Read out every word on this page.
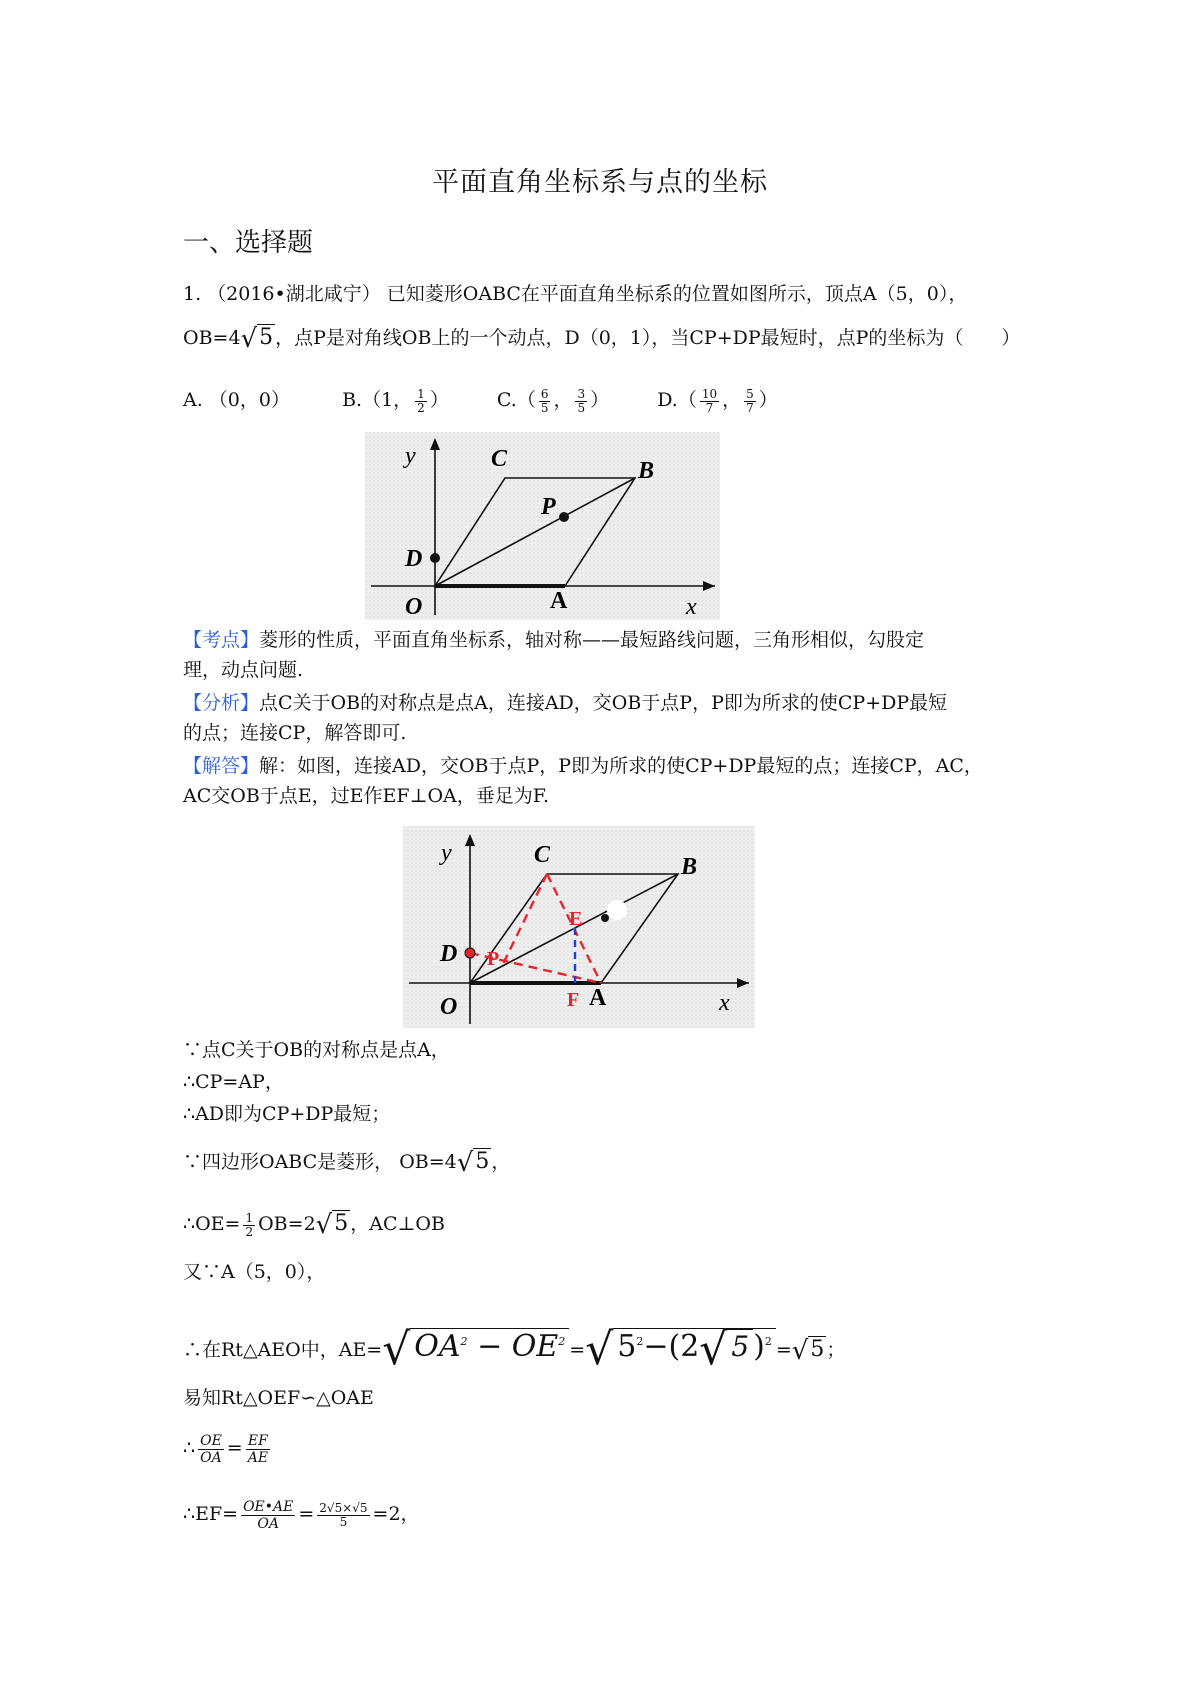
平面直角坐标系与点的坐标
一、选择题
1. （2016•湖北咸宁） 已知菱形OABC在平面直角坐标系的位置如图所示，顶点A（5，0），
OB=4√5 ，点P是对角线OB上的一个动点，D（0，1），当CP+DP最短时，点P的坐标为（　　）
A. （0，0）	B.（1， $\frac{1}{2}$ ）	$C.( \frac{6}{5}$ ， $\frac{3}{5}$ ）	$D.( \frac{10}{7}$ ， $\frac{5}{7}$ ）
y	C	B
P
D
O	A	x
【考点】菱形的性质，平面直角坐标系，轴对称——最短路线问题，三角形相似，勾股定
理，动点问题.
【分析】点C关于OB的对称点是点A，连接AD，交OB于点P，P即为所求的使CP+DP最短
的点；连接CP，解答即可.
【解答】解：如图，连接AD，交OB于点P，P即为所求的使CP+DP最短的点；连接CP，AC，
AC交OB于点E，过E作EF⊥OA，垂足为F.
y	C	B
E
D P
O	F A	x
∵点C关于OB的对称点是点A，
∴CP=AP，
∴AD即为CP+DP最短；
∵四边形OABC是菱形， OB=4√5 ，
∴OE= $\frac{1}{2} OB=2√5$ ，AC⊥OB
又∵A（5，0），
∴在Rt△AEO中，AE=√ $OA^2 - OE^2$ =√ $5^2-(2√$ 5 )$^2$ =√5 ；
易知Rt△OEF∽△OAE
∴ $\frac{OE}{OA} = \frac{EF}{AE}$
∴EF= $\frac{OE•AE}{OA} = \frac{2√5\times√5}{5} =2$，
